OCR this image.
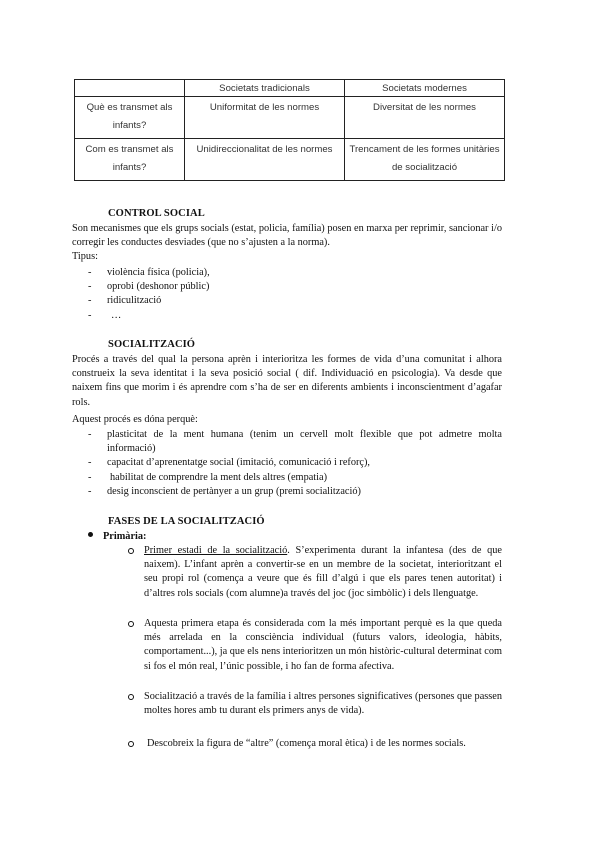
	Societats tradicionals	Societats modernes
Què es transmet als infants?	Uniformitat de les normes	Diversitat de les normes
Com es transmet als infants?	Unidireccionalitat de les normes	Trencament de les formes unitàries de socialització
CONTROL SOCIAL
Son mecanismes que els grups socials (estat, policia, família) posen en marxa per reprimir, sancionar i/o corregir les conductes desviades (que no s’ajusten a la norma).
Tipus:
- violència física (policia),
- oprobi (deshonor públic)
- ridiculització
- …
SOCIALITZACIÓ
Procés a través del qual la persona aprèn i interioritza les formes de vida d’una comunitat i alhora construeix la seva identitat i la seva posició social ( dif. Individuació en psicologia). Va desde que naixem fins que morim i és aprendre com s’ha de ser en diferents ambients i inconscientment d’agafar rols.
Aquest procés es dóna perquè:
- plasticitat de la ment humana (tenim un cervell molt flexible que pot admetre molta informació)
- capacitat d’aprenentatge social (imitació, comunicació i reforç),
- habilitat de comprendre la ment dels altres (empatia)
- desig inconscient de pertànyer a un grup (premi socialització)
FASES DE LA SOCIALITZACIÓ
Primària:
Primer estadi de la socialització. S’experimenta durant la infantesa (des de que naixem). L’infant aprèn a convertir-se en un membre de la societat, interioritzant el seu propi rol (comença a veure que és fill d’algú i que els pares tenen autoritat) i d’altres rols socials (com alumne)a través del joc (joc simbòlic) i dels llenguatge.
Aquesta primera etapa és considerada com la més important perquè es la que queda més arrelada en la consciència individual (futurs valors, ideologia, hàbits, comportament...), ja que els nens interioritzen un món històric-cultural determinat com si fos el món real, l’únic possible, i ho fan de forma afectiva.
Socialització a través de la família i altres persones significatives (persones que passen moltes hores amb tu durant els primers anys de vida).
Descobreix la figura de “altre” (comença moral ètica) i de les normes socials.
